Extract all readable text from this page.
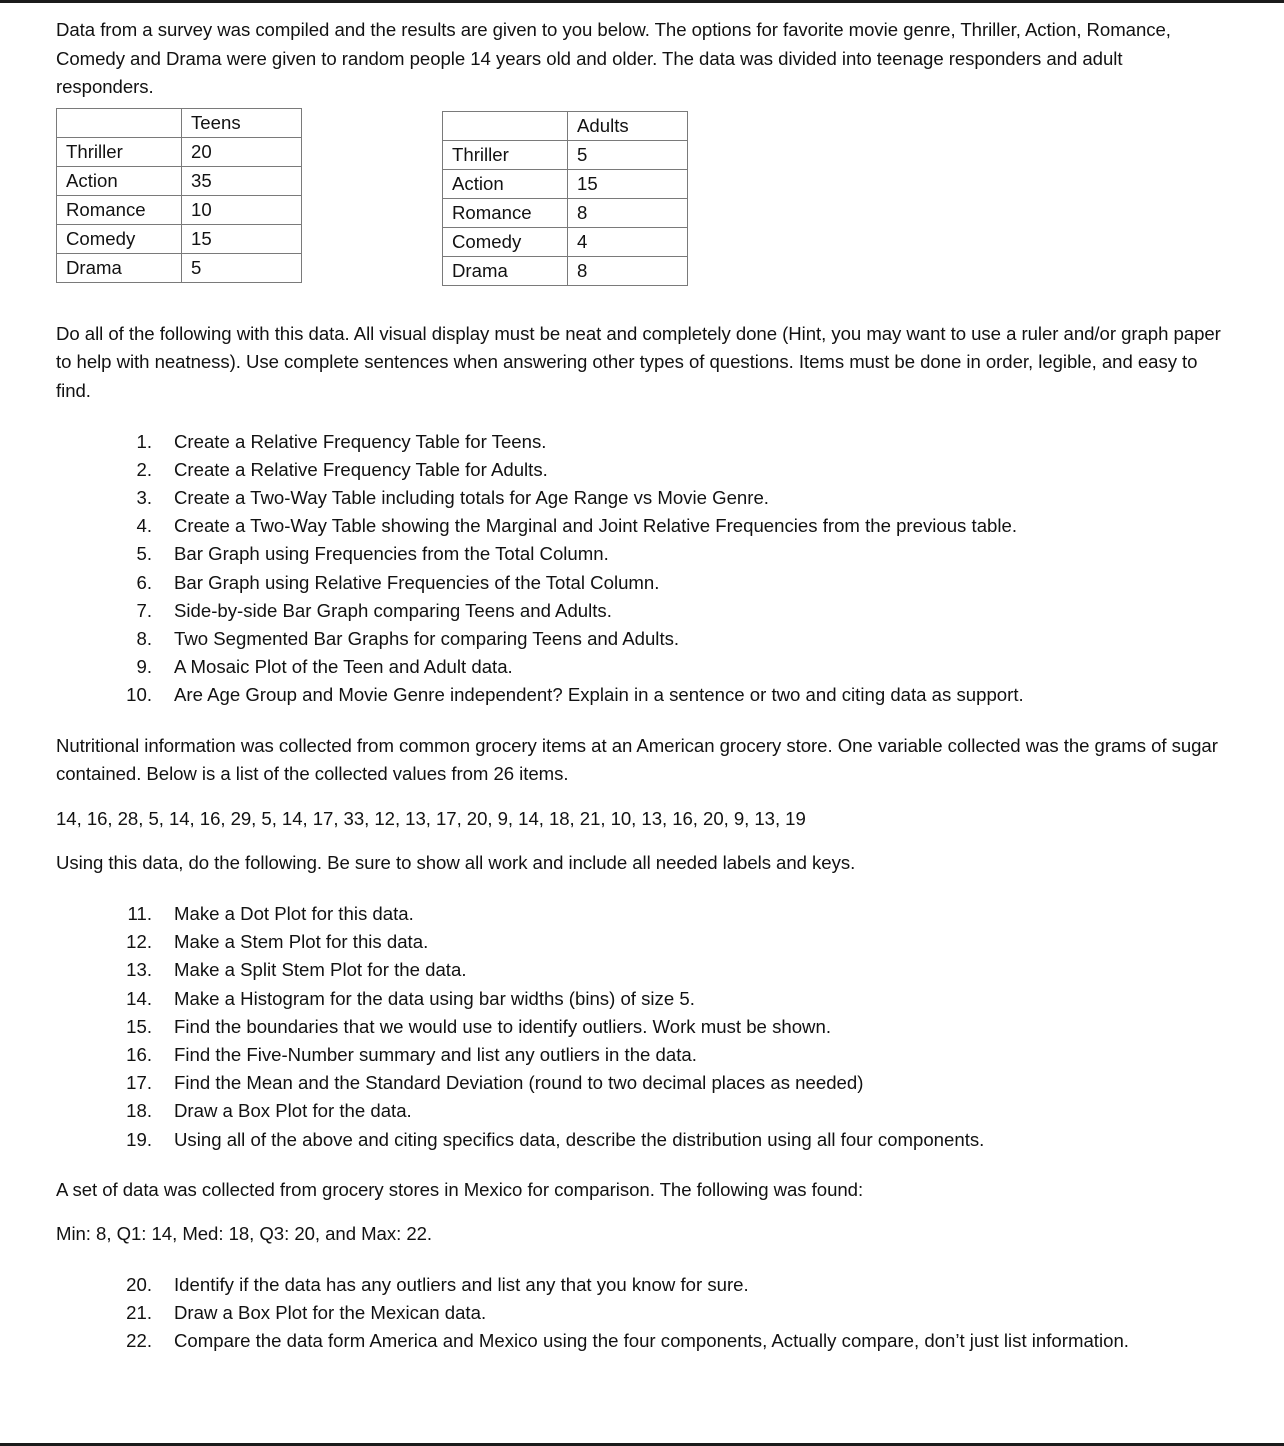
Data from a survey was compiled and the results are given to you below. The options for favorite movie genre, Thriller, Action, Romance, Comedy and Drama were given to random people 14 years old and older. The data was divided into teenage responders and adult responders.

	Teens
Thriller	20
Action	35
Romance	10
Comedy	15
Drama	5
	Adults
Thriller	5
Action	15
Romance	8
Comedy	4
Drama	8

Do all of the following with this data. All visual display must be neat and completely done (Hint, you may want to use a ruler and/or graph paper to help with neatness). Use complete sentences when answering other types of questions. Items must be done in order, legible, and easy to find.

1. Create a Relative Frequency Table for Teens.
2. Create a Relative Frequency Table for Adults.
3. Create a Two-Way Table including totals for Age Range vs Movie Genre.
4. Create a Two-Way Table showing the Marginal and Joint Relative Frequencies from the previous table.
5. Bar Graph using Frequencies from the Total Column.
6. Bar Graph using Relative Frequencies of the Total Column.
7. Side-by-side Bar Graph comparing Teens and Adults.
8. Two Segmented Bar Graphs for comparing Teens and Adults.
9. A Mosaic Plot of the Teen and Adult data.
10. Are Age Group and Movie Genre independent? Explain in a sentence or two and citing data as support.

Nutritional information was collected from common grocery items at an American grocery store. One variable collected was the grams of sugar contained. Below is a list of the collected values from 26 items.

14, 16, 28, 5, 14, 16, 29, 5, 14, 17, 33, 12, 13, 17, 20, 9, 14, 18, 21, 10, 13, 16, 20, 9, 13, 19

Using this data, do the following. Be sure to show all work and include all needed labels and keys.

11. Make a Dot Plot for this data.
12. Make a Stem Plot for this data.
13. Make a Split Stem Plot for the data.
14. Make a Histogram for the data using bar widths (bins) of size 5.
15. Find the boundaries that we would use to identify outliers. Work must be shown.
16. Find the Five-Number summary and list any outliers in the data.
17. Find the Mean and the Standard Deviation (round to two decimal places as needed)
18. Draw a Box Plot for the data.
19. Using all of the above and citing specifics data, describe the distribution using all four components.

A set of data was collected from grocery stores in Mexico for comparison. The following was found:

Min: 8, Q1: 14, Med: 18, Q3: 20, and Max: 22.

20. Identify if the data has any outliers and list any that you know for sure.
21. Draw a Box Plot for the Mexican data.
22. Compare the data form America and Mexico using the four components, Actually compare, don’t just list information.
